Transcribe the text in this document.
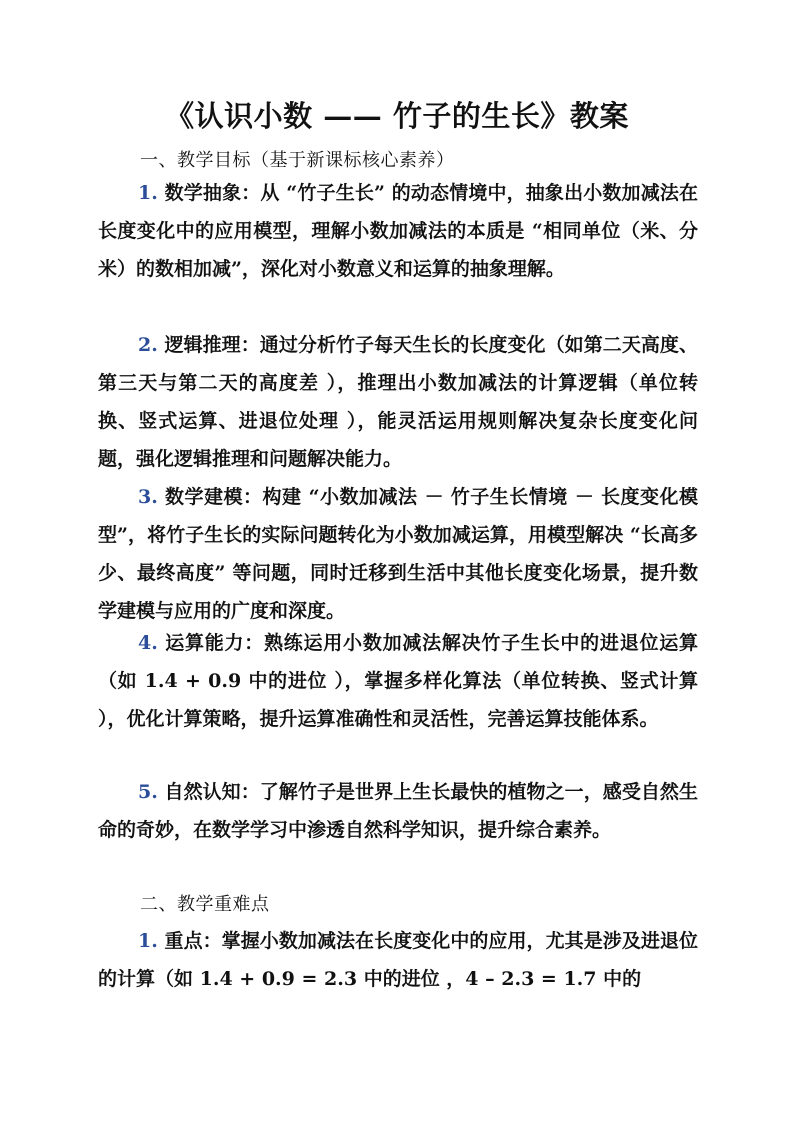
《认识小数 —— 竹子的生长》教案
一、教学目标（基于新课标核心素养）
1. 数学抽象：从 “竹子生长” 的动态情境中，抽象出小数加减法在长度变化中的应用模型，理解小数加减法的本质是 “相同单位（米、分米）的数相加减”，深化对小数意义和运算的抽象理解。
2. 逻辑推理：通过分析竹子每天生长的长度变化（如第二天高度、第三天与第二天的高度差 ），推理出小数加减法的计算逻辑（单位转换、竖式运算、进退位处理 ），能灵活运用规则解决复杂长度变化问题，强化逻辑推理和问题解决能力。
3. 数学建模：构建 “小数加减法 － 竹子生长情境 － 长度变化模型”，将竹子生长的实际问题转化为小数加减运算，用模型解决 “长高多少、最终高度” 等问题，同时迁移到生活中其他长度变化场景，提升数学建模与应用的广度和深度。
4. 运算能力：熟练运用小数加减法解决竹子生长中的进退位运算（如 1.4 + 0.9 中的进位 ），掌握多样化算法（单位转换、竖式计算 ），优化计算策略，提升运算准确性和灵活性，完善运算技能体系。
5. 自然认知：了解竹子是世界上生长最快的植物之一，感受自然生命的奇妙，在数学学习中渗透自然科学知识，提升综合素养。
二、教学重难点
1. 重点：掌握小数加减法在长度变化中的应用，尤其是涉及进退位的计算（如 1.4 + 0.9 = 2.3 中的进位 ，4 – 2.3 = 1.7 中的
